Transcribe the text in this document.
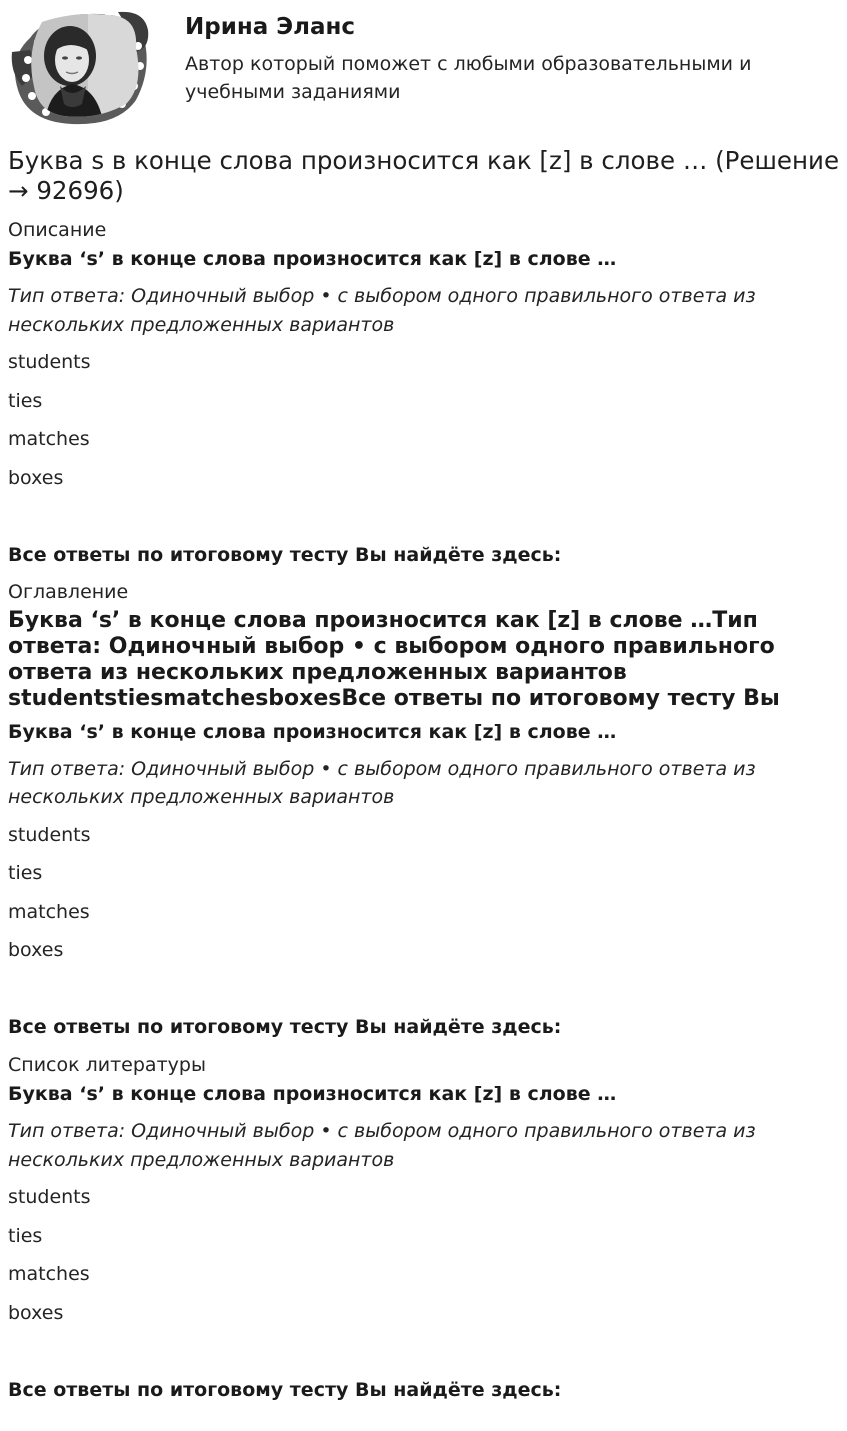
Ирина Эланс

Автор который поможет с любыми образовательными и учебными заданиями

Буква s в конце слова произносится как [z] в слове … (Решение → 92696)
Описание

Буква ‘s’ в конце слова произносится как [z] в слове …

Тип ответа: Одиночный выбор • с выбором одного правильного ответа из нескольких предложенных вариантов

students

ties

matches

boxes

Все ответы по итоговому тесту Вы найдёте здесь:

Оглавление
Буква ‘s’ в конце слова произносится как [z] в слове …Тип ответа: Одиночный выбор • с выбором одного правильного ответа из нескольких предложенных вариантов studentstiesmatchesboxesВсе ответы по итоговому тесту Вы

Буква ‘s’ в конце слова произносится как [z] в слове …

Тип ответа: Одиночный выбор • с выбором одного правильного ответа из нескольких предложенных вариантов

students

ties

matches

boxes

Все ответы по итоговому тесту Вы найдёте здесь:

Список литературы

Буква ‘s’ в конце слова произносится как [z] в слове …

Тип ответа: Одиночный выбор • с выбором одного правильного ответа из нескольких предложенных вариантов

students

ties

matches

boxes

Все ответы по итоговому тесту Вы найдёте здесь:
